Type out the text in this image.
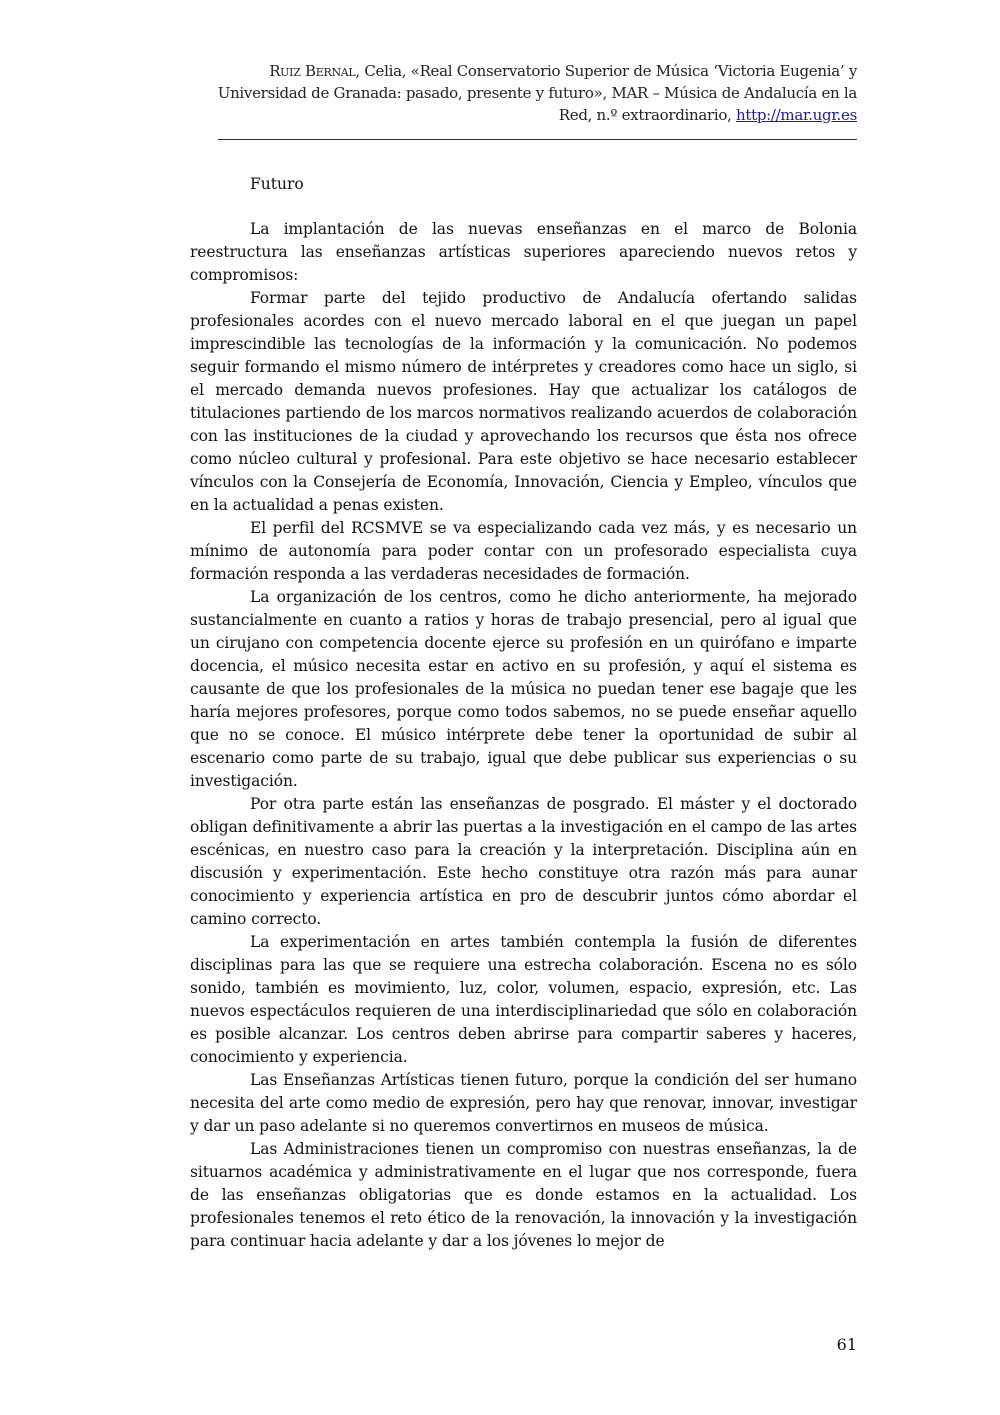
Ruiz Bernal, Celia, «Real Conservatorio Superior de Música ‘Victoria Eugenia’ y Universidad de Granada: pasado, presente y futuro», MAR – Música de Andalucía en la Red, n.º extraordinario, http://mar.ugr.es
Futuro

La implantación de las nuevas enseñanzas en el marco de Bolonia reestructura las enseñanzas artísticas superiores apareciendo nuevos retos y compromisos:

Formar parte del tejido productivo de Andalucía ofertando salidas profesionales acordes con el nuevo mercado laboral en el que juegan un papel imprescindible las tecnologías de la información y la comunicación. No podemos seguir formando el mismo número de intérpretes y creadores como hace un siglo, si el mercado demanda nuevos profesiones. Hay que actualizar los catálogos de titulaciones partiendo de los marcos normativos realizando acuerdos de colaboración con las instituciones de la ciudad y aprovechando los recursos que ésta nos ofrece como núcleo cultural y profesional. Para este objetivo se hace necesario establecer vínculos con la Consejería de Economía, Innovación, Ciencia y Empleo, vínculos que en la actualidad a penas existen.

El perfil del RCSMVE se va especializando cada vez más, y es necesario un mínimo de autonomía para poder contar con un profesorado especialista cuya formación responda a las verdaderas necesidades de formación.

La organización de los centros, como he dicho anteriormente, ha mejorado sustancialmente en cuanto a ratios y horas de trabajo presencial, pero al igual que un cirujano con competencia docente ejerce su profesión en un quirófano e imparte docencia, el músico necesita estar en activo en su profesión, y aquí el sistema es causante de que los profesionales de la música no puedan tener ese bagaje que les haría mejores profesores, porque como todos sabemos, no se puede enseñar aquello que no se conoce. El músico intérprete debe tener la oportunidad de subir al escenario como parte de su trabajo, igual que debe publicar sus experiencias o su investigación.

Por otra parte están las enseñanzas de posgrado. El máster y el doctorado obligan definitivamente a abrir las puertas a la investigación en el campo de las artes escénicas, en nuestro caso para la creación y la interpretación. Disciplina aún en discusión y experimentación. Este hecho constituye otra razón más para aunar conocimiento y experiencia artística en pro de descubrir juntos cómo abordar el camino correcto.

La experimentación en artes también contempla la fusión de diferentes disciplinas para las que se requiere una estrecha colaboración. Escena no es sólo sonido, también es movimiento, luz, color, volumen, espacio, expresión, etc. Las nuevos espectáculos requieren de una interdisciplinariedad que sólo en colaboración es posible alcanzar. Los centros deben abrirse para compartir saberes y haceres, conocimiento y experiencia.

Las Enseñanzas Artísticas tienen futuro, porque la condición del ser humano necesita del arte como medio de expresión, pero hay que renovar, innovar, investigar y dar un paso adelante si no queremos convertirnos en museos de música.

Las Administraciones tienen un compromiso con nuestras enseñanzas, la de situarnos académica y administrativamente en el lugar que nos corresponde, fuera de las enseñanzas obligatorias que es donde estamos en la actualidad. Los profesionales tenemos el reto ético de la renovación, la innovación y la investigación para continuar hacia adelante y dar a los jóvenes lo mejor de

61
